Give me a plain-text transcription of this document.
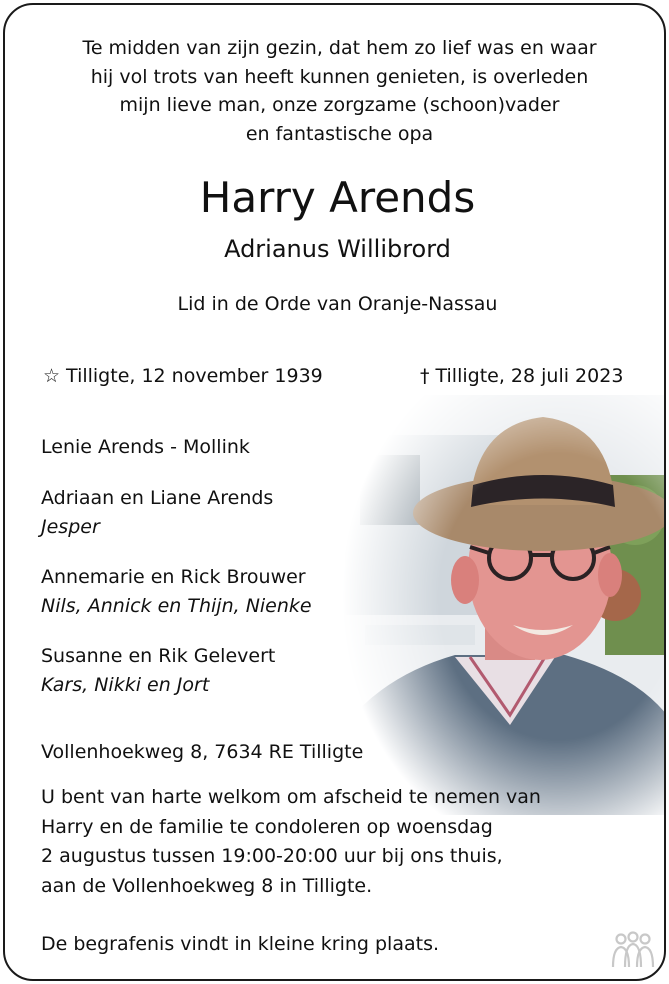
Te midden van zijn gezin, dat hem zo lief was en waar
hij vol trots van heeft kunnen genieten, is overleden
mijn lieve man, onze zorgzame (schoon)vader
en fantastische opa
Harry Arends
Adrianus Willibrord
Lid in de Orde van Oranje-Nassau
☆ Tilligte, 12 november 1939	† Tilligte, 28 juli 2023
Lenie Arends - Mollink
Adriaan en Liane Arends
Jesper
Annemarie en Rick Brouwer
Nils, Annick en Thijn, Nienke
Susanne en Rik Gelevert
Kars, Nikki en Jort
Vollenhoekweg 8, 7634 RE Tilligte
U bent van harte welkom om afscheid te nemen van
Harry en de familie te condoleren op woensdag
2 augustus tussen 19:00-20:00 uur bij ons thuis,
aan de Vollenhoekweg 8 in Tilligte.
De begrafenis vindt in kleine kring plaats.
